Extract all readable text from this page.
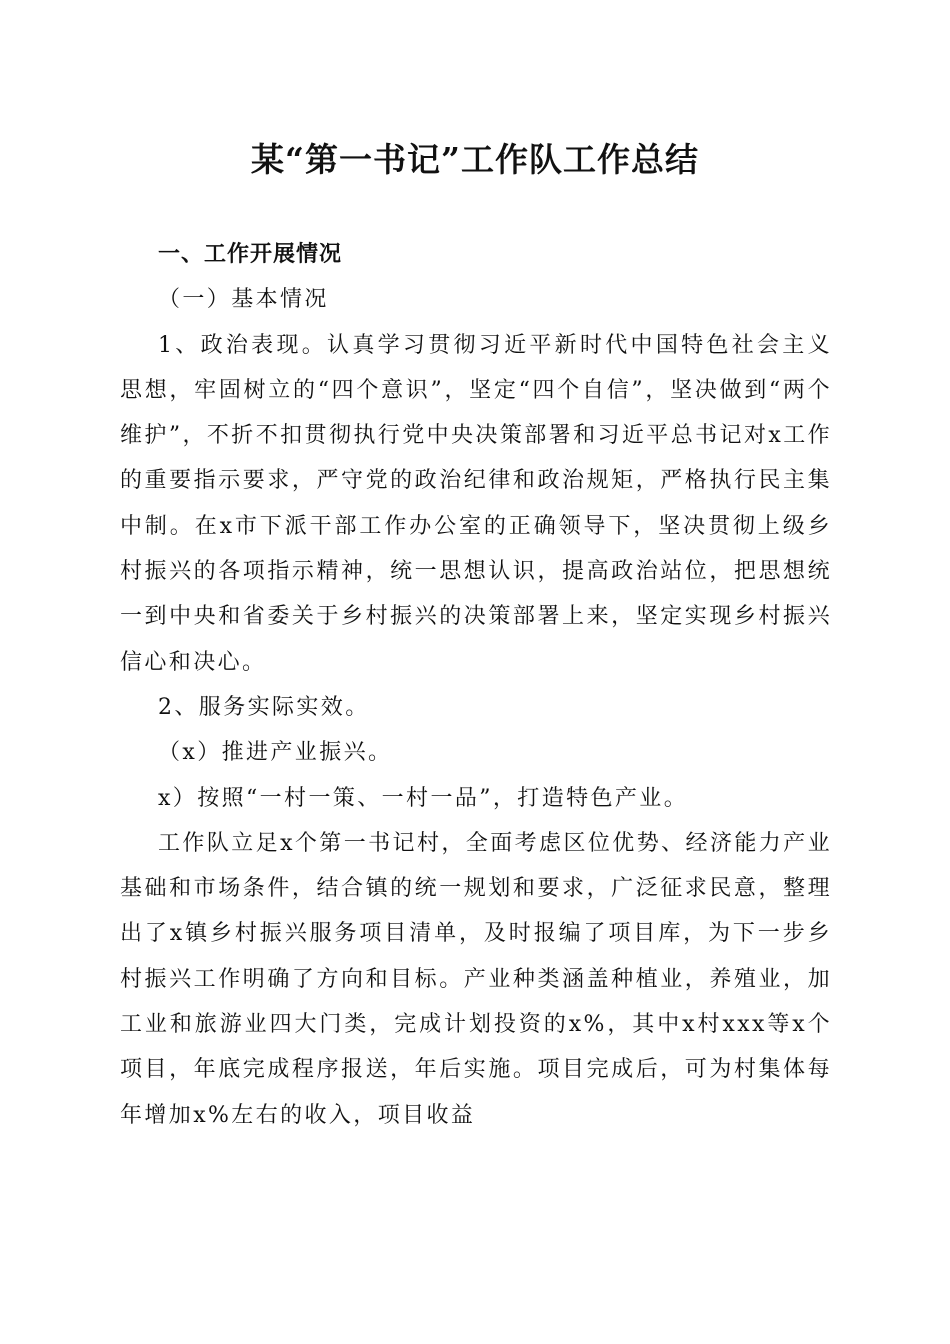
某“第一书记”工作队工作总结

一、工作开展情况

（一）基本情况

1、政治表现。认真学习贯彻习近平新时代中国特色社会主义思想，牢固树立的“四个意识”，坚定“四个自信”，坚决做到“两个维护”，不折不扣贯彻执行党中央决策部署和习近平总书记对x工作的重要指示要求，严守党的政治纪律和政治规矩，严格执行民主集中制。在x市下派干部工作办公室的正确领导下，坚决贯彻上级乡村振兴的各项指示精神，统一思想认识，提高政治站位，把思想统一到中央和省委关于乡村振兴的决策部署上来，坚定实现乡村振兴信心和决心。

2、服务实际实效。

（x）推进产业振兴。

x）按照“一村一策、一村一品”，打造特色产业。

工作队立足x个第一书记村，全面考虑区位优势、经济能力产业基础和市场条件，结合镇的统一规划和要求，广泛征求民意，整理出了x镇乡村振兴服务项目清单，及时报编了项目库，为下一步乡村振兴工作明确了方向和目标。产业种类涵盖种植业，养殖业，加工业和旅游业四大门类，完成计划投资的x%，其中x村xxx等x个项目，年底完成程序报送，年后实施。项目完成后，可为村集体每年增加x%左右的收入，项目收益
